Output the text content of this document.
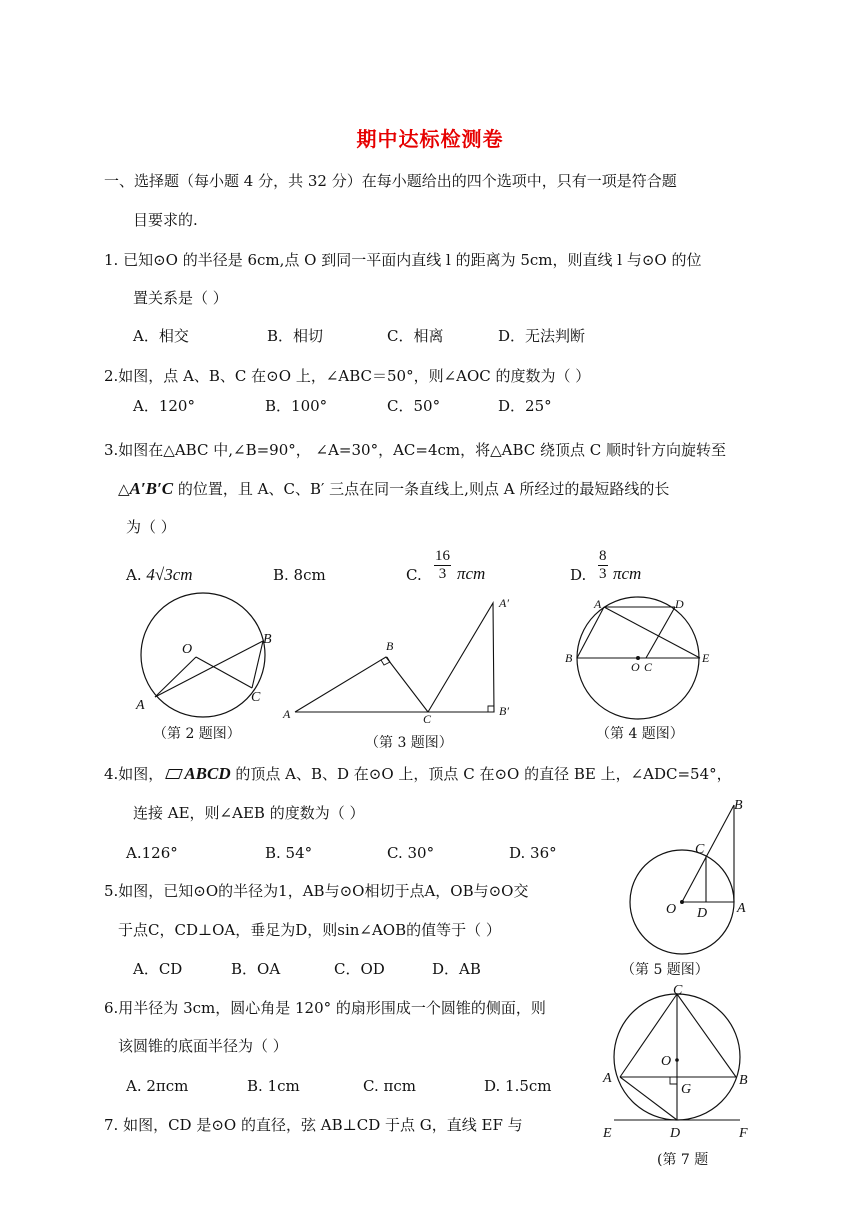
期中达标检测卷
一、选择题（每小题 4 分，共 32 分）在每小题给出的四个选项中，只有一项是符合题
目要求的.
1. 已知⊙O 的半径是 6cm,点 O 到同一平面内直线 l 的距离为 5cm，则直线 l 与⊙O 的位
置关系是（ ）
A．相交	B．相切	C．相离	D．无法判断
2.如图，点 A、B、C 在⊙O 上，∠ABC＝50°，则∠AOC 的度数为（ ）
A．120°	B．100°	C．50°	D．25°
3.如图在△ABC 中,∠B=90°， ∠A=30°，AC=4cm，将△ABC 绕顶点 C 顺时针方向旋转至
△A′B′C 的位置，且 A、C、B′ 三点在同一条直线上,则点 A 所经过的最短路线的长
为（ ）
A. 4√3cm	B. 8cm	C. $\frac{16}{3}$ πcm	D. $\frac{8}{3}$ πcm
O
A
B
C
（第 2 题图）
A
B
C
A′
B′
（第 3 题图）
A	D
B
O C
E
（第 4 题图）
4.如图， ABCD 的顶点 A、B、D 在⊙O 上，顶点 C 在⊙O 的直径 BE 上，∠ADC=54°，
连接 AE，则∠AEB 的度数为（ ）
A.126°	B. 54°	C. 30°	D. 36°
B
C
O D A
（第 5 题图）
5.如图，已知⊙O的半径为1，AB与⊙O相切于点A，OB与⊙O交
于点C，CD⊥OA，垂足为D，则sin∠AOB的值等于（ ）
A．CD	B．OA	C．OD	D．AB
6.用半径为 3cm，圆心角是 120° 的扇形围成一个圆锥的侧面，则
该圆锥的底面半径为（ ）
A. 2πcm	B. 1cm	C. πcm	D. 1.5cm
7. 如图，CD 是⊙O 的直径，弦 AB⊥CD 于点 G，直线 EF 与
C
O
A	B
G
E	D	F
(第 7 题
